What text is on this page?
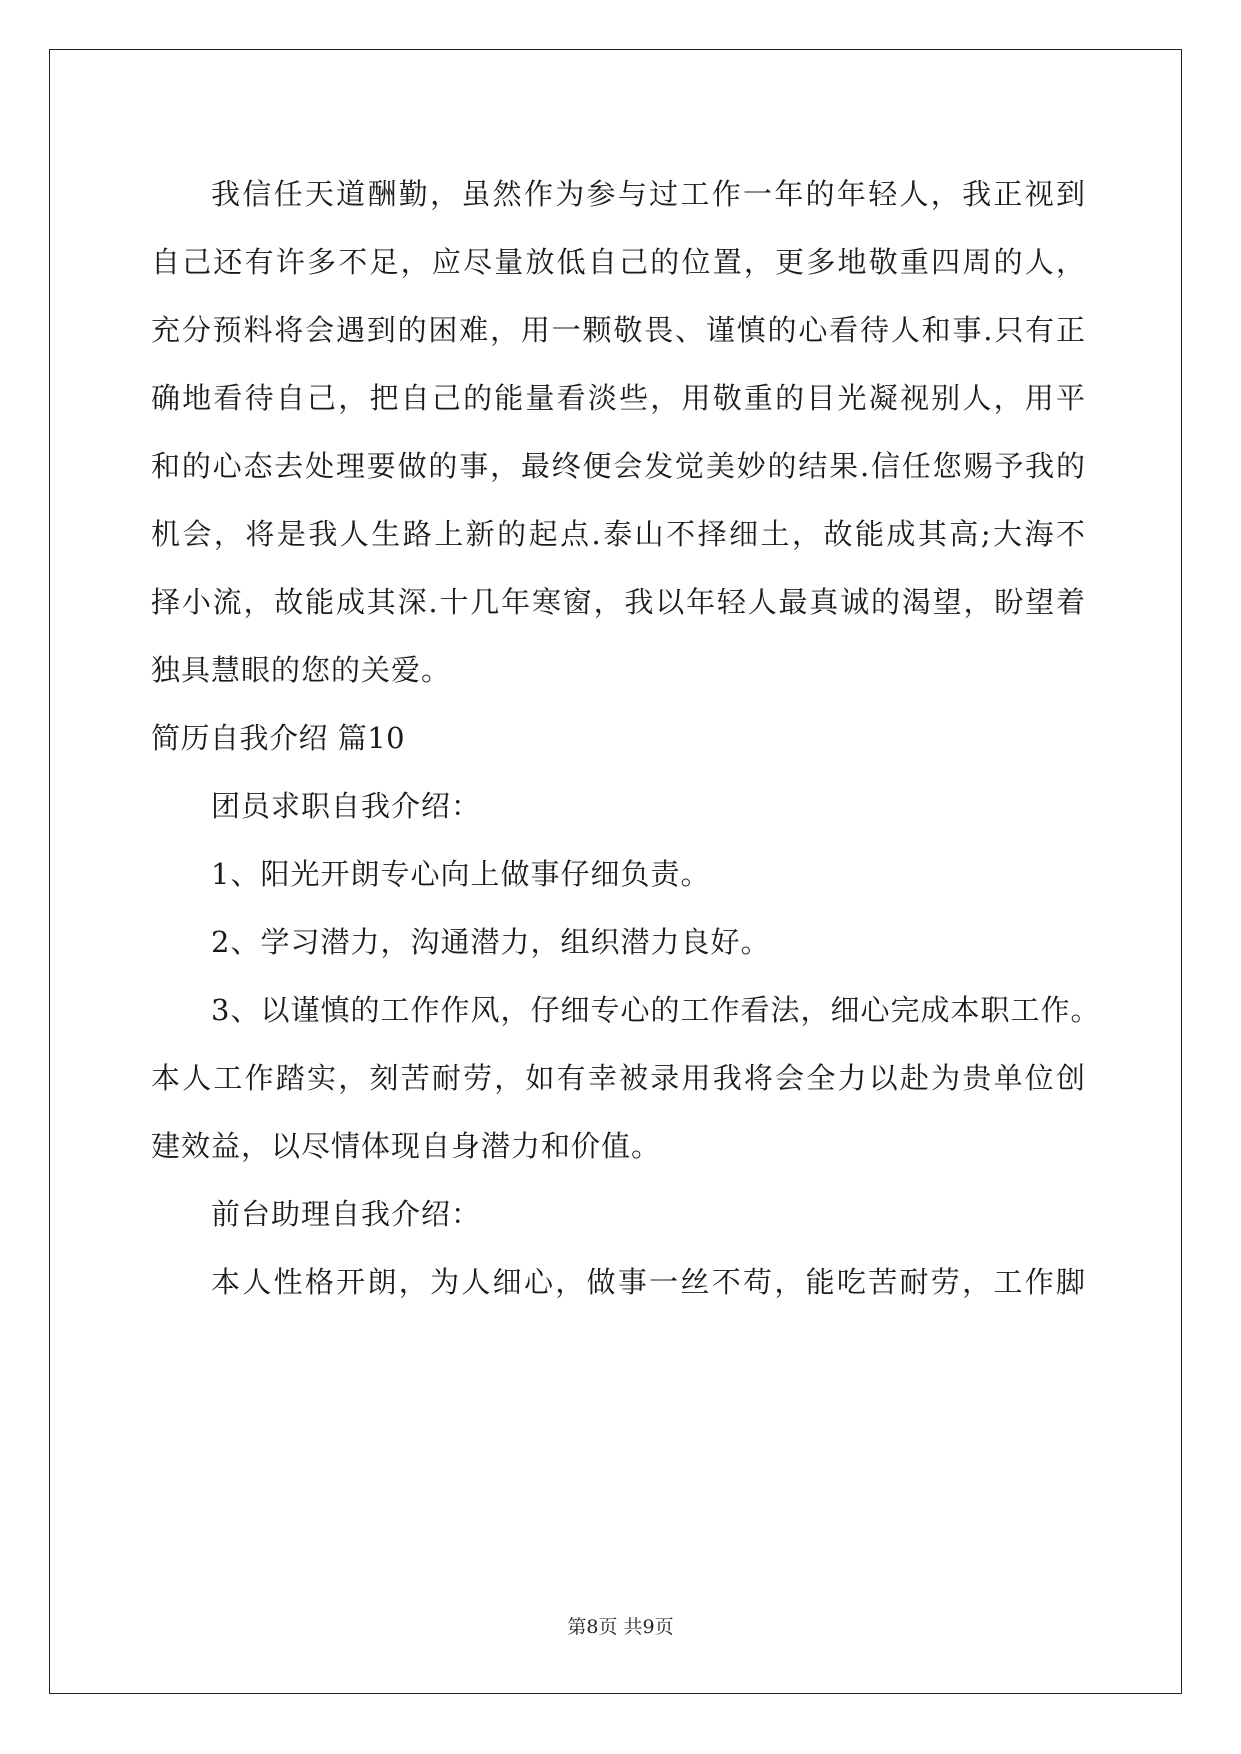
我信任天道酬勤，虽然作为参与过工作一年的年轻人，我正视到
自己还有许多不足，应尽量放低自己的位置，更多地敬重四周的人，
充分预料将会遇到的困难，用一颗敬畏、谨慎的心看待人和事.只有正
确地看待自己，把自己的能量看淡些，用敬重的目光凝视别人，用平
和的心态去处理要做的事，最终便会发觉美妙的结果.信任您赐予我的
机会，将是我人生路上新的起点.泰山不择细土，故能成其高;大海不
择小流，故能成其深.十几年寒窗，我以年轻人最真诚的渴望，盼望着
独具慧眼的您的关爱。
简历自我介绍 篇10
团员求职自我介绍：
1、阳光开朗专心向上做事仔细负责。
2、学习潜力，沟通潜力，组织潜力良好。
3、以谨慎的工作作风，仔细专心的工作看法，细心完成本职工作。
本人工作踏实，刻苦耐劳，如有幸被录用我将会全力以赴为贵单位创
建效益，以尽情体现自身潜力和价值。
前台助理自我介绍：
本人性格开朗，为人细心，做事一丝不苟，能吃苦耐劳，工作脚
第8页 共9页
